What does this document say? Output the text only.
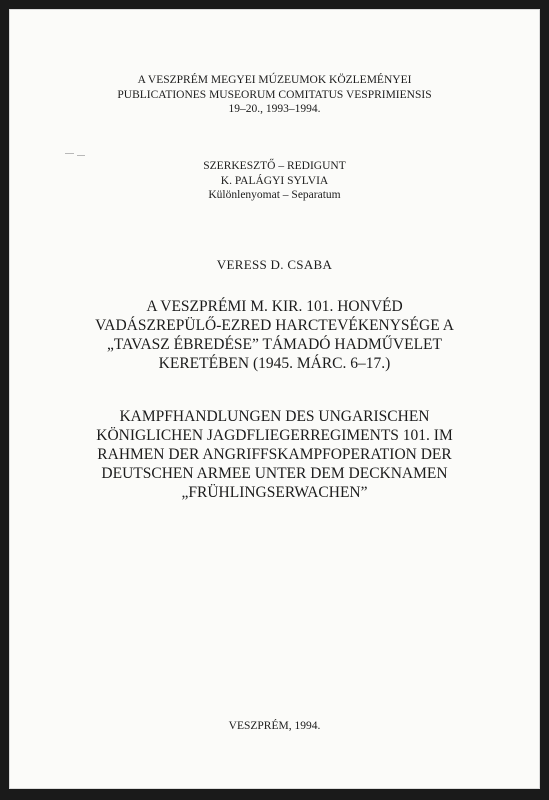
A VESZPRÉM MEGYEI MÚZEUMOK KÖZLEMÉNYEI
PUBLICATIONES MUSEORUM COMITATUS VESPRIMIENSIS
19–20., 1993–1994.
SZERKESZTŐ – REDIGUNT
K. PALÁGYI SYLVIA
Különlenyomat – Separatum
VERESS D. CSABA
A VESZPRÉMI M. KIR. 101. HONVÉD
VADÁSZREPÜLŐ-EZRED HARCTEVÉKENYSÉGE A
„TAVASZ ÉBREDÉSE” TÁMADÓ HADMŰVELET
KERETÉBEN (1945. MÁRC. 6–17.)
KAMPFHANDLUNGEN DES UNGARISCHEN
KÖNIGLICHEN JAGDFLIEGERREGIMENTS 101. IM
RAHMEN DER ANGRIFFSKAMPFOPERATION DER
DEUTSCHEN ARMEE UNTER DEM DECKNAMEN
„FRÜHLINGSERWACHEN”
VESZPRÉM, 1994.
